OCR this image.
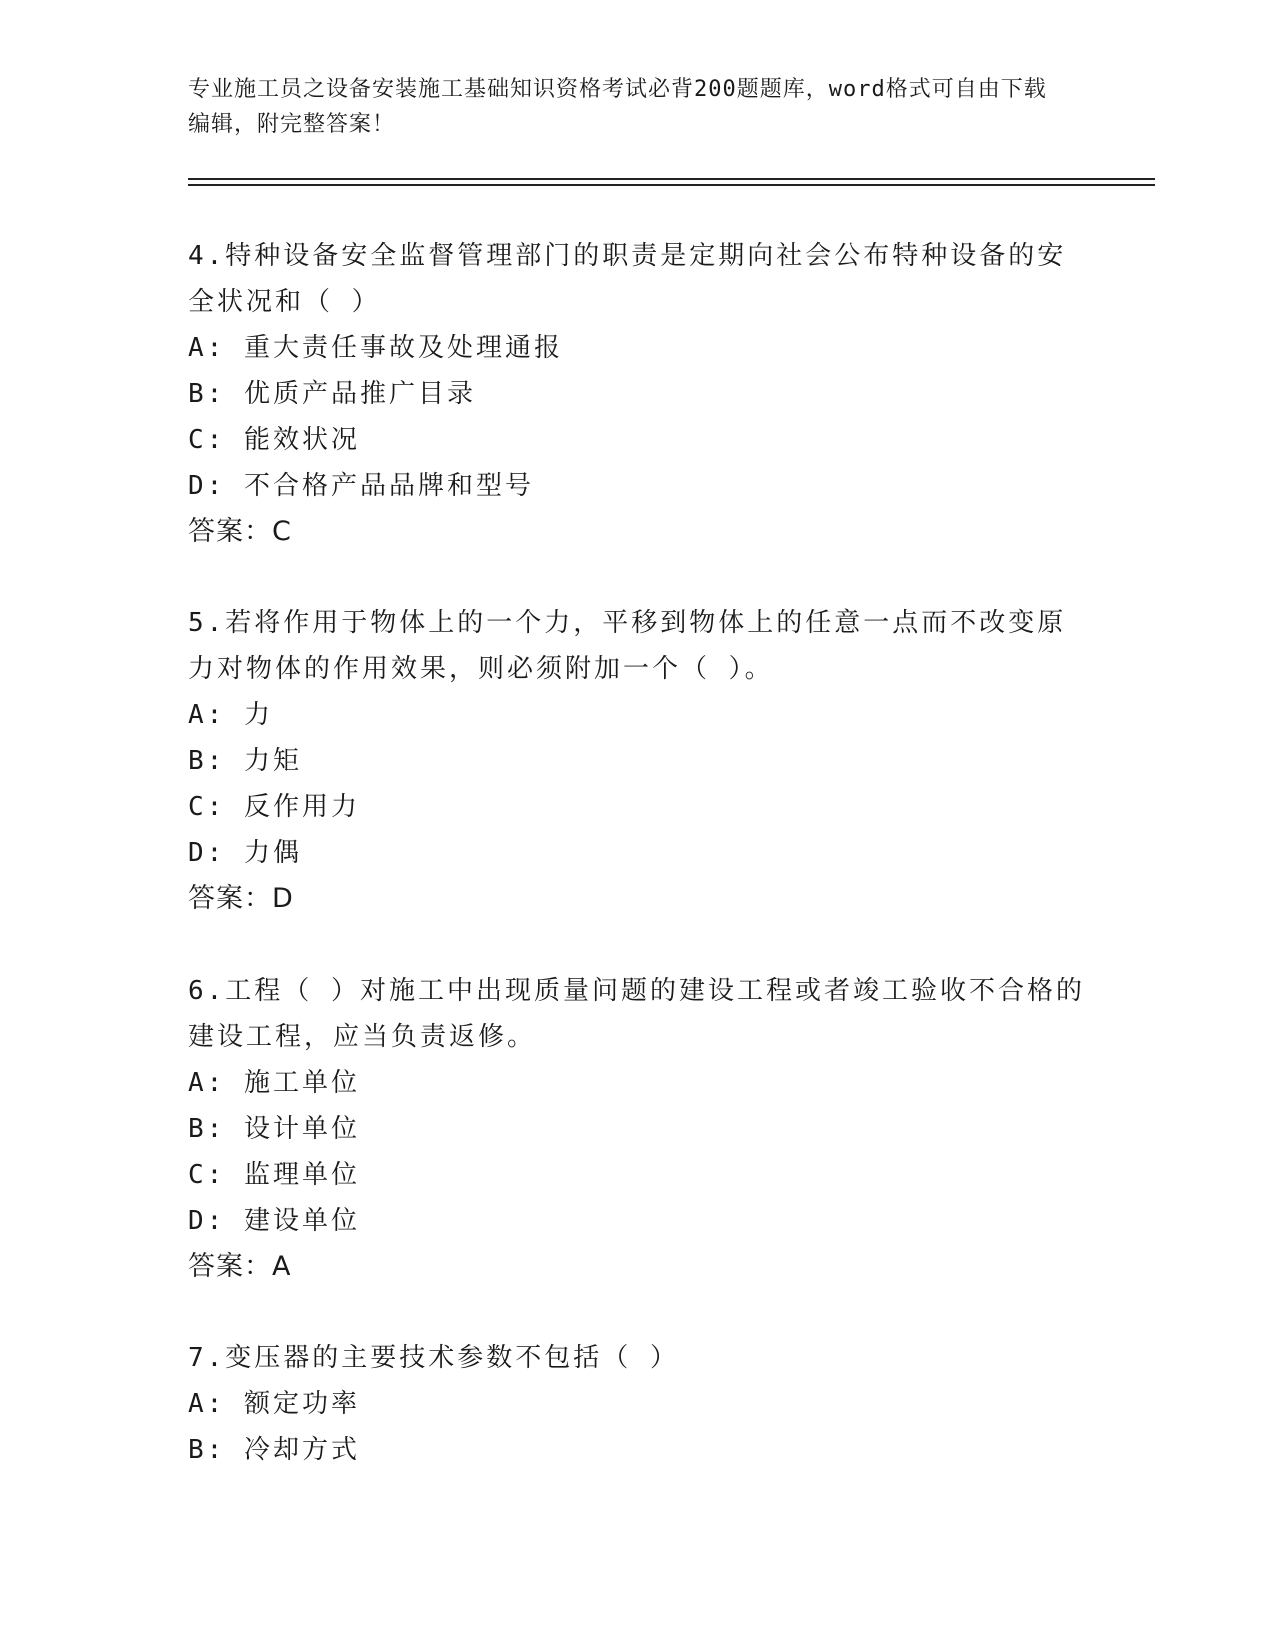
专业施工员之设备安装施工基础知识资格考试必背200题题库，word格式可自由下载编辑，附完整答案！
4.特种设备安全监督管理部门的职责是定期向社会公布特种设备的安全状况和（ ）
A: 重大责任事故及处理通报
B: 优质产品推广目录
C: 能效状况
D: 不合格产品品牌和型号
答案：C
5.若将作用于物体上的一个力，平移到物体上的任意一点而不改变原力对物体的作用效果，则必须附加一个（ ）。
A: 力
B: 力矩
C: 反作用力
D: 力偶
答案：D
6.工程（ ）对施工中出现质量问题的建设工程或者竣工验收不合格的建设工程，应当负责返修。
A: 施工单位
B: 设计单位
C: 监理单位
D: 建设单位
答案：A
7.变压器的主要技术参数不包括（ ）
A: 额定功率
B: 冷却方式
